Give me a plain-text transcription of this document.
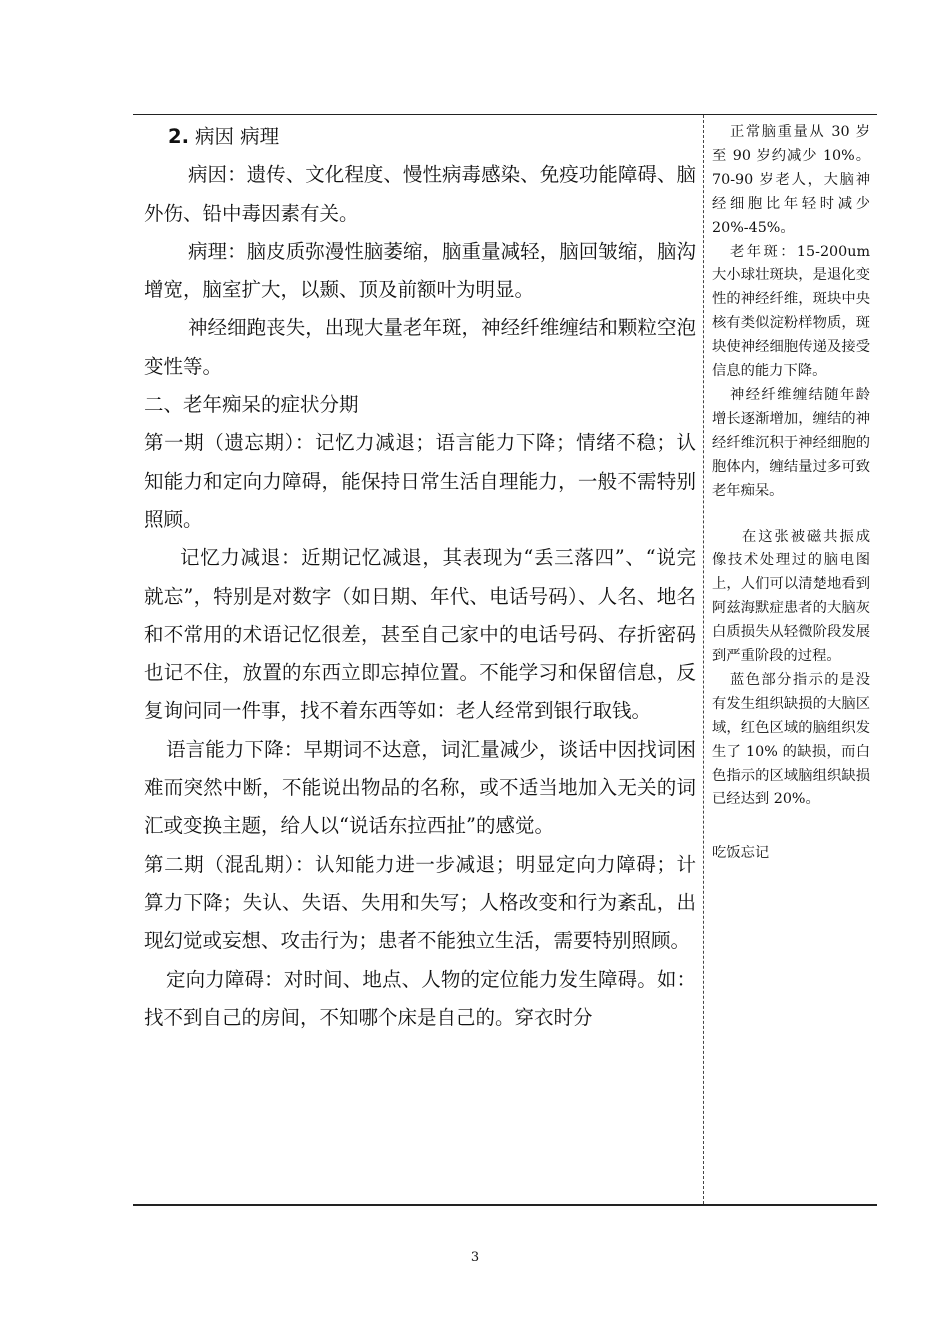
2. 病因 病理

病因：遗传、文化程度、慢性病毒感染、免疫功能障碍、脑外伤、铅中毒因素有关。

病理：脑皮质弥漫性脑萎缩，脑重量减轻，脑回皱缩，脑沟增宽，脑室扩大，以颞、顶及前额叶为明显。

神经细跑丧失，出现大量老年斑，神经纤维缠结和颗粒空泡变性等。

二、老年痴呆的症状分期

第一期（遗忘期）：记忆力减退；语言能力下降；情绪不稳；认知能力和定向力障碍，能保持日常生活自理能力，一般不需特别照顾。

记忆力减退：近期记忆减退，其表现为“丢三落四”、“说完就忘”，特别是对数字（如日期、年代、电话号码）、人名、地名和不常用的术语记忆很差，甚至自己家中的电话号码、存折密码也记不住，放置的东西立即忘掉位置。不能学习和保留信息，反复询问同一件事，找不着东西等如：老人经常到银行取钱。

语言能力下降：早期词不达意，词汇量减少，谈话中因找词困难而突然中断，不能说出物品的名称，或不适当地加入无关的词汇或变换主题，给人以“说话东拉西扯”的感觉。

第二期（混乱期）：认知能力进一步减退；明显定向力障碍；计算力下降；失认、失语、失用和失写；人格改变和行为紊乱，出现幻觉或妄想、攻击行为；患者不能独立生活，需要特别照顾。

定向力障碍：对时间、地点、人物的定位能力发生障碍。如：找不到自己的房间，不知哪个床是自己的。穿衣时分

正常脑重量从 30 岁至 90 岁约减少 10%。 70-90 岁老人，大脑神经细胞比年轻时减少 20%-45%。

老年斑：15-200um 大小球壮斑块，是退化变性的神经纤维，斑块中央核有类似淀粉样物质，斑块使神经细胞传递及接受信息的能力下降。

神经纤维缠结随年龄增长逐渐增加，缠结的神经纤维沉积于神经细胞的胞体内，缠结量过多可致老年痴呆。

在这张被磁共振成像技术处理过的脑电图上，人们可以清楚地看到阿兹海默症患者的大脑灰白质损失从轻微阶段发展到严重阶段的过程。

蓝色部分指示的是没有发生组织缺损的大脑区域，红色区域的脑组织发生了 10% 的缺损，而白色指示的区域脑组织缺损已经达到 20%。

吃饭忘记

3
